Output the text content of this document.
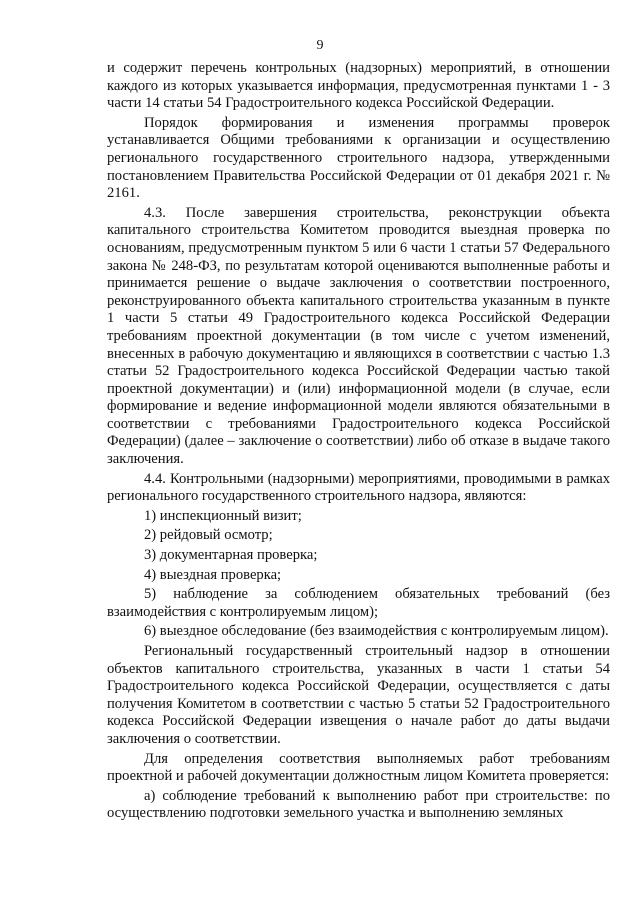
9

и содержит перечень контрольных (надзорных) мероприятий, в отношении каждого из которых указывается информация, предусмотренная пунктами 1 - 3 части 14 статьи 54 Градостроительного кодекса Российской Федерации.

Порядок формирования и изменения программы проверок устанавливается Общими требованиями к организации и осуществлению регионального государственного строительного надзора, утвержденными постановлением Правительства Российской Федерации от 01 декабря 2021 г. № 2161.

4.3. После завершения строительства, реконструкции объекта капитального строительства Комитетом проводится выездная проверка по основаниям, предусмотренным пунктом 5 или 6 части 1 статьи 57 Федерального закона № 248-ФЗ, по результатам которой оцениваются выполненные работы и принимается решение о выдаче заключения о соответствии построенного, реконструированного объекта капитального строительства указанным в пункте 1 части 5 статьи 49 Градостроительного кодекса Российской Федерации требованиям проектной документации (в том числе с учетом изменений, внесенных в рабочую документацию и являющихся в соответствии с частью 1.3 статьи 52 Градостроительного кодекса Российской Федерации частью такой проектной документации) и (или) информационной модели (в случае, если формирование и ведение информационной модели являются обязательными в соответствии с требованиями Градостроительного кодекса Российской Федерации) (далее – заключение о соответствии) либо об отказе в выдаче такого заключения.

4.4. Контрольными (надзорными) мероприятиями, проводимыми в рамках регионального государственного строительного надзора, являются:

1) инспекционный визит;

2) рейдовый осмотр;

3) документарная проверка;

4) выездная проверка;

5) наблюдение за соблюдением обязательных требований (без взаимодействия с контролируемым лицом);

6) выездное обследование (без взаимодействия с контролируемым лицом).

Региональный государственный строительный надзор в отношении объектов капитального строительства, указанных в части 1 статьи 54 Градостроительного кодекса Российской Федерации, осуществляется с даты получения Комитетом в соответствии с частью 5 статьи 52 Градостроительного кодекса Российской Федерации извещения о начале работ до даты выдачи заключения о соответствии.

Для определения соответствия выполняемых работ требованиям проектной и рабочей документации должностным лицом Комитета проверяется:

а) соблюдение требований к выполнению работ при строительстве: по осуществлению подготовки земельного участка и выполнению земляных
